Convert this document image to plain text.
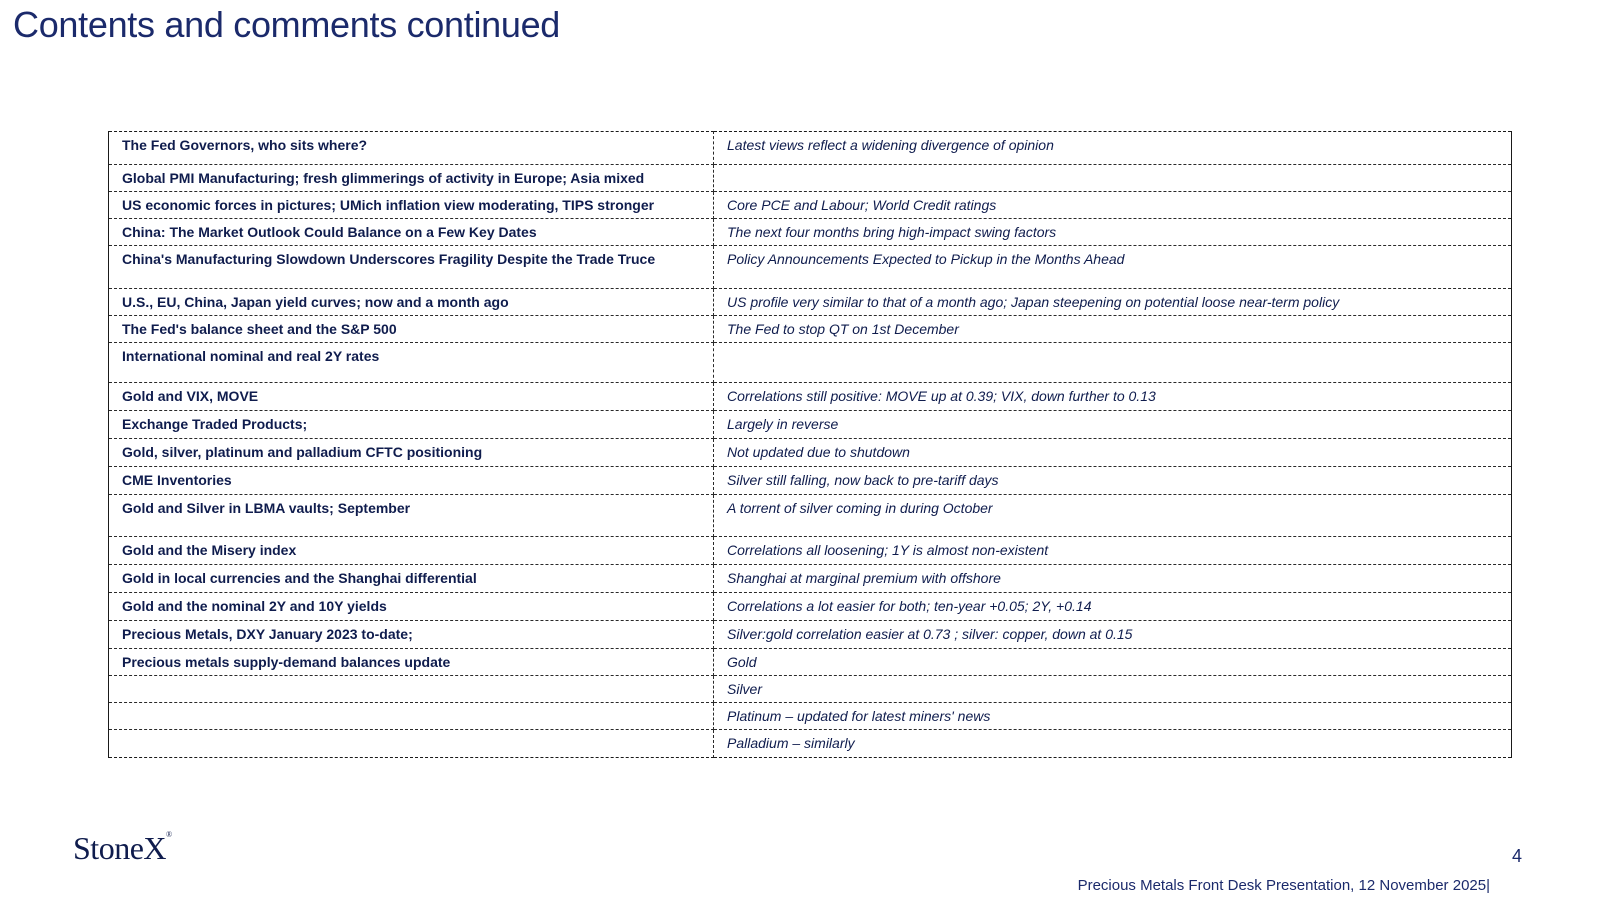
Contents and comments continued
The Fed Governors, who sits where?	Latest views reflect a widening divergence of opinion
Global PMI Manufacturing; fresh glimmerings of activity in Europe; Asia mixed	
US economic forces in pictures; UMich inflation view moderating, TIPS stronger	Core PCE and Labour; World Credit ratings
China: The Market Outlook Could Balance on a Few Key Dates	The next four months bring high-impact swing factors
China's Manufacturing Slowdown Underscores Fragility Despite the Trade Truce	Policy Announcements Expected to Pickup in the Months Ahead
U.S., EU, China, Japan yield curves; now and a month ago	US profile very similar to that of a month ago; Japan steepening on potential loose near-term policy
The Fed's balance sheet and the S&P 500	The Fed to stop QT on 1st December
International nominal and real 2Y rates	
Gold and VIX, MOVE	Correlations still positive: MOVE up at 0.39; VIX, down further to 0.13
Exchange Traded Products;	Largely in reverse
Gold, silver, platinum and palladium CFTC positioning	Not updated due to shutdown
CME Inventories	Silver still falling, now back to pre-tariff days
Gold and Silver in LBMA vaults; September	A torrent of silver coming in during October
Gold and the Misery index	Correlations all loosening; 1Y is almost non-existent
Gold in local currencies and the Shanghai differential	Shanghai at marginal premium with offshore
Gold and the nominal 2Y and 10Y yields	Correlations a lot easier for both; ten-year +0.05; 2Y, +0.14
Precious Metals, DXY January 2023 to-date;	Silver:gold correlation easier at 0.73 ; silver: copper, down at 0.15
Precious metals supply-demand balances update	Gold
	Silver
	Platinum – updated for latest miners' news
	Palladium – similarly
StoneX®
4
Precious Metals Front Desk Presentation, 12 November 2025|
